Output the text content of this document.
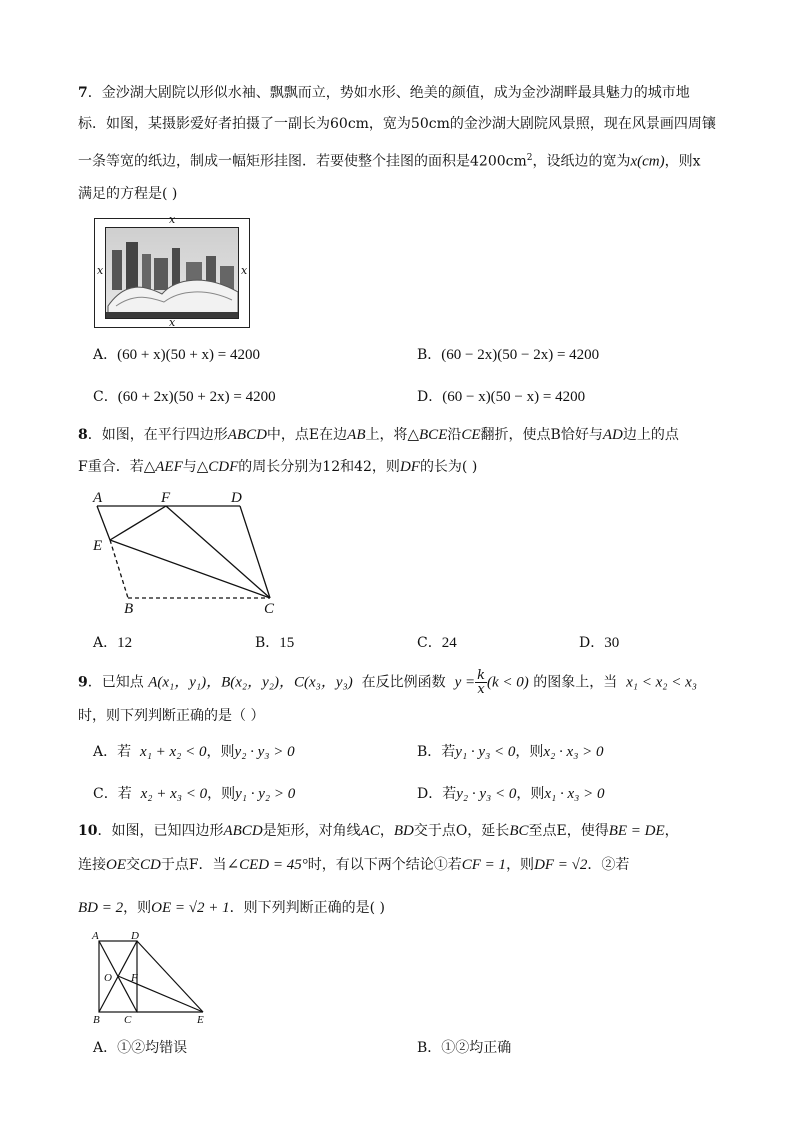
7．金沙湖大剧院以形似水袖、飘飘而立，势如水形、绝美的颜值，成为金沙湖畔最具魅力的城市地
标．如图，某摄影爱好者拍摄了一副长为60cm，宽为50cm的金沙湖大剧院风景照，现在风景画四周镶
一条等宽的纸边，制成一幅矩形挂图．若要使整个挂图的面积是$4200cm^2$，设纸边的宽为x(cm)，则x
满足的方程是( )
x
x
x	x
A．(60 + x)(50 + x) = 4200	B．(60 − 2x)(50 − 2x) = 4200
C．(60 + 2x)(50 + 2x) = 4200	D．(60 − x)(50 − x) = 4200
8．如图，在平行四边形ABCD中，点E在边AB上，将△BCE沿CE翻折，使点B恰好与AD边上的点
F重合．若△AEF与△CDF的周长分别为12和42，则DF的长为( )
A	F	D
E
B	C
A．12	B．15	C．24	D．30
9．已知点 A(x₁，y₁)，B(x₂，y₂)，C(x₃，y₃) 在反比例函数 $y = \frac{k}{x} (k < 0)$ 的图象上，当 x₁ < x₂ < x₃
时，则下列判断正确的是（ ）
A．若 x₁ + x₂ < 0，则y₂ · y₃ > 0	B．若y₁ · y₃ < 0，则x₂ · x₃ > 0
C．若 x₂ + x₃ < 0，则y₁ · y₂ > 0	D．若y₂ · y₃ < 0，则x₁ · x₃ > 0
10．如图，已知四边形ABCD是矩形，对角线AC，BD交于点O，延长BC至点E，使得BE = DE，
连接OE交CD于点F．当∠CED = 45°时，有以下两个结论①若CF = 1，则DF = √2．②若
BD = 2，则OE = √2 + 1．则下列判断正确的是( )
A	D
O F
B C	E
A．①②均错误	B．①②均正确
